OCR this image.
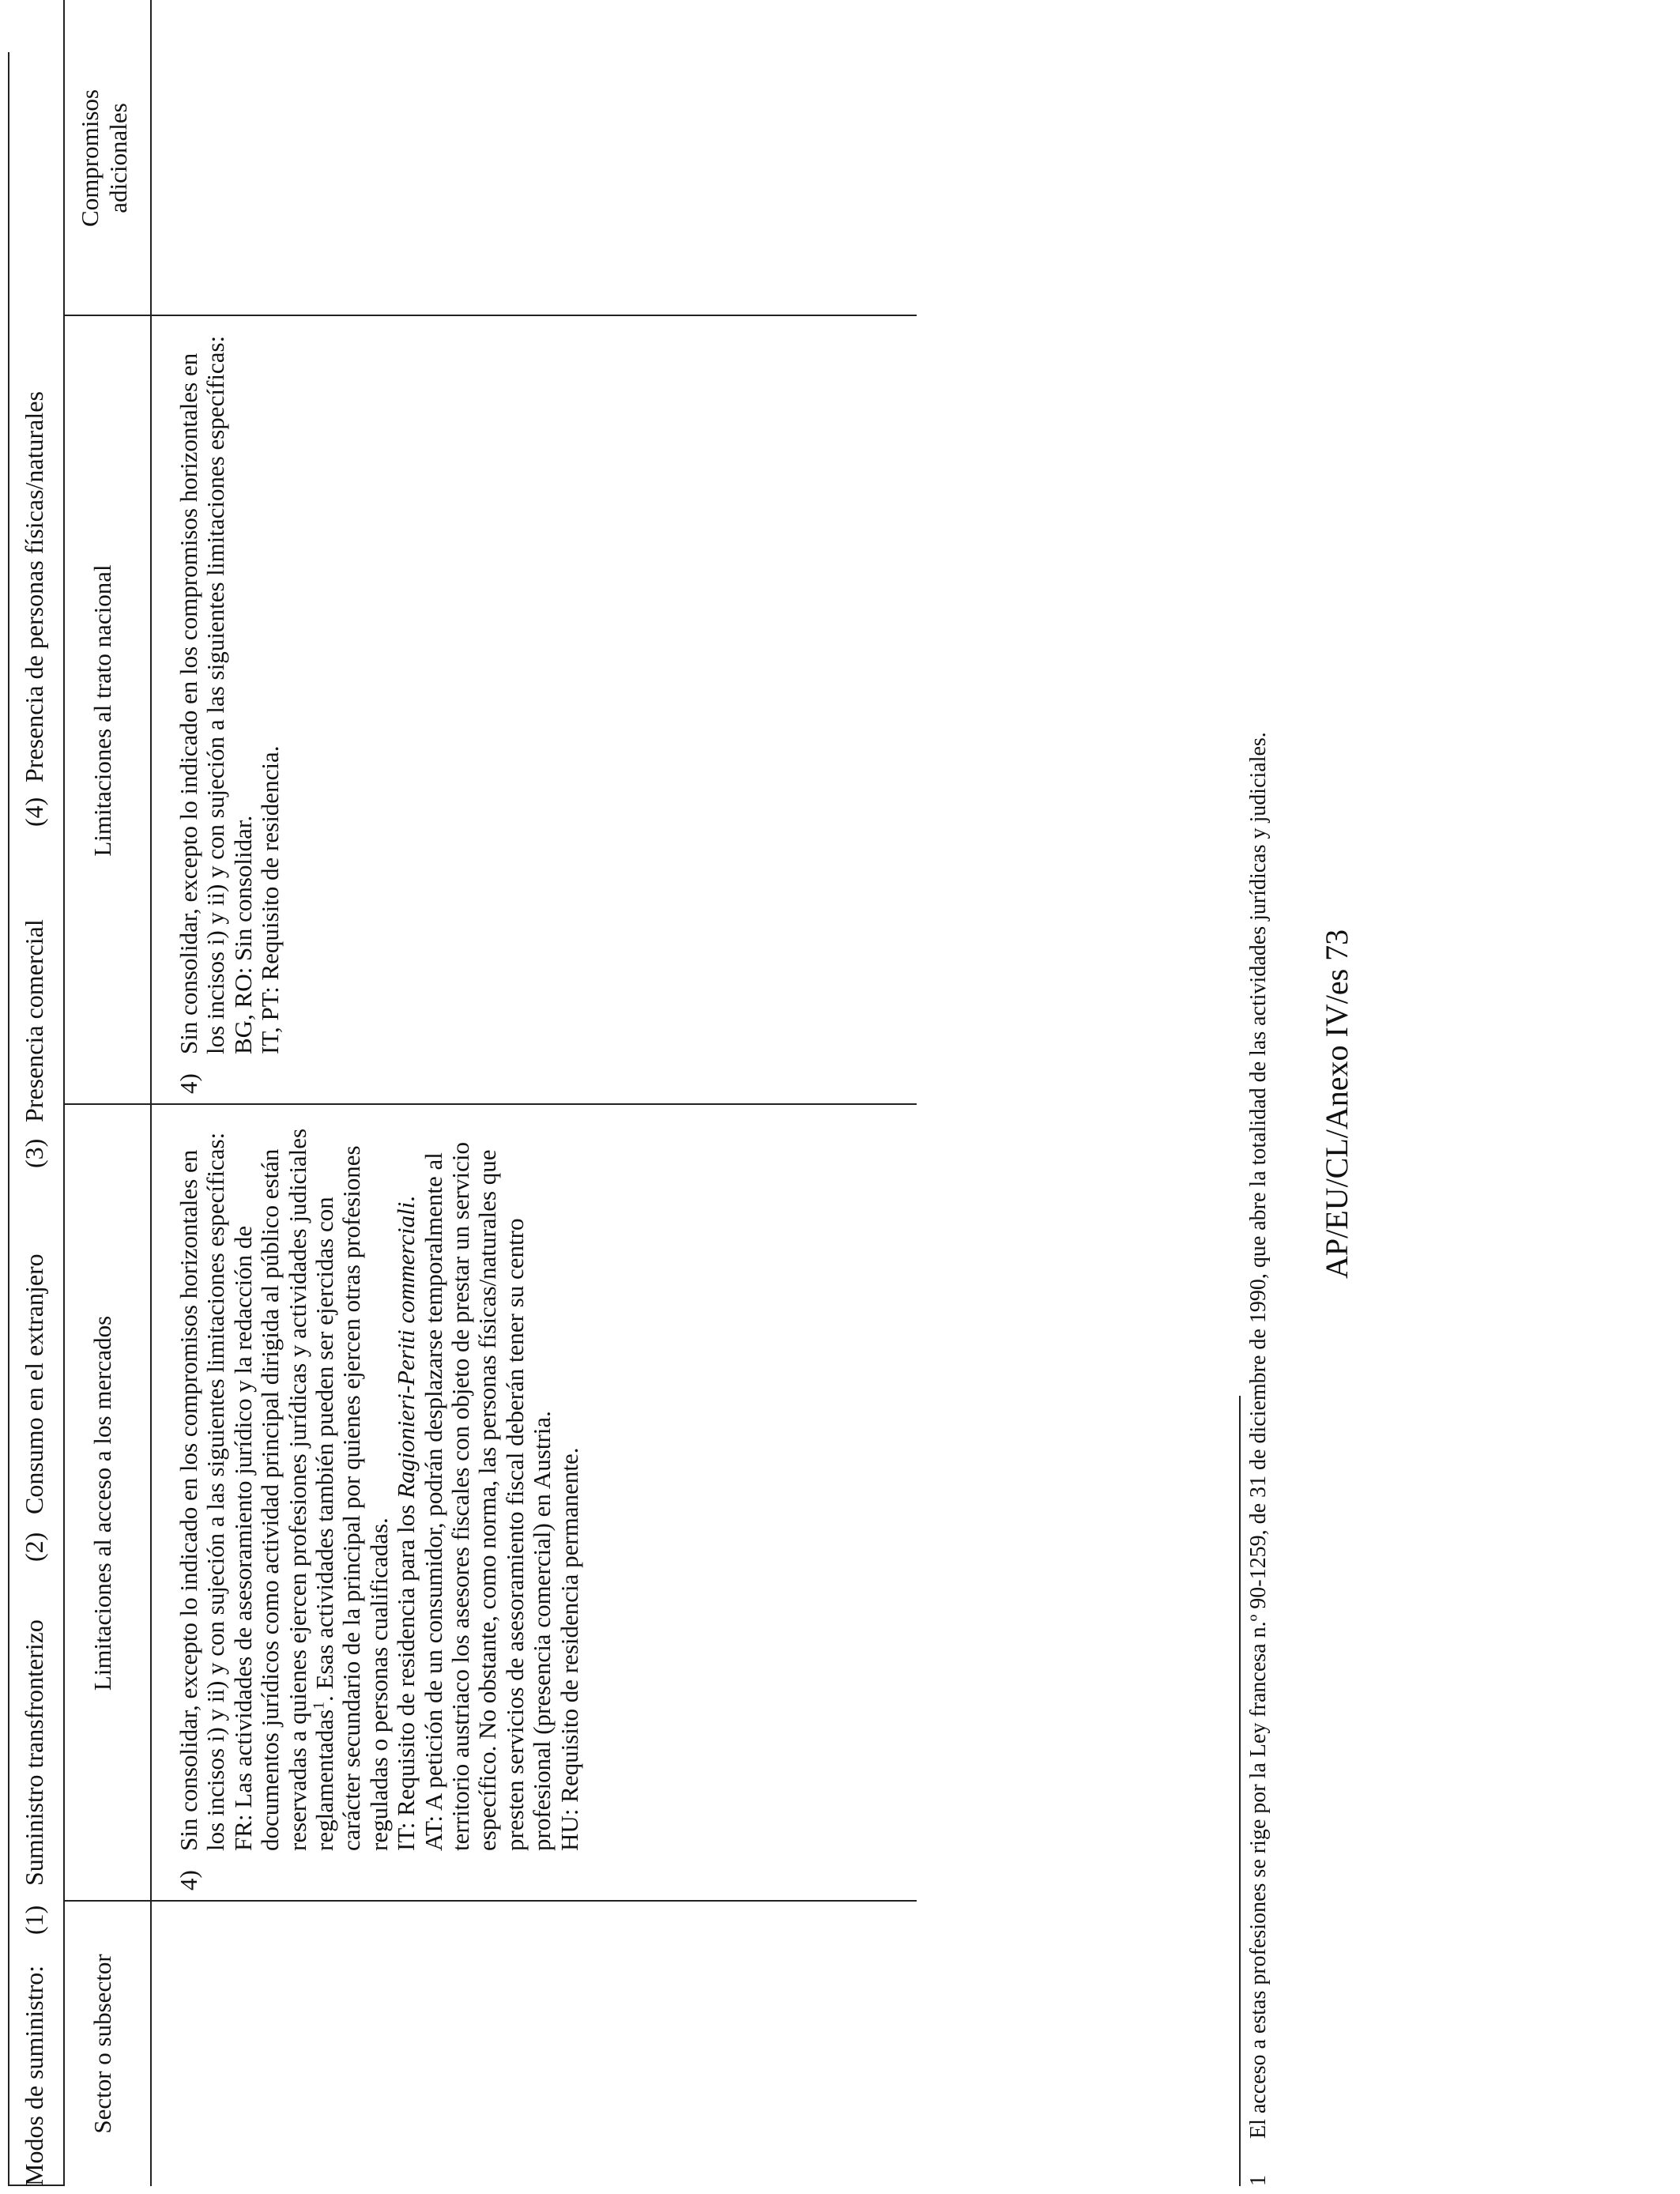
Modos de suministro:
(1)
Suministro transfronterizo
(2)
Consumo en el extranjero
(3)
Presencia comercial
(4)
Presencia de personas físicas/naturales
Sector o subsector
Limitaciones al acceso a los mercados
Limitaciones al trato nacional
Compromisos adicionales
4)

Sin consolidar, excepto lo indicado en los compromisos horizontales en los incisos i) y ii) y con sujeción a las siguientes limitaciones específicas: FR: Las actividades de asesoramiento jurídico y la redacción de documentos jurídicos como actividad principal dirigida al público están reservadas a quienes ejercen profesiones jurídicas y actividades judiciales reglamentadas$^1$. Esas actividades también pueden ser ejercidas con carácter secundario de la principal por quienes ejercen otras profesiones reguladas o personas cualificadas. IT: Requisito de residencia para los Ragionieri-Periti commerciali. AT: A petición de un consumidor, podrán desplazarse temporalmente al territorio austriaco los asesores fiscales con objeto de prestar un servicio específico. No obstante, como norma, las personas físicas/naturales que presten servicios de asesoramiento fiscal deberán tener su centro profesional (presencia comercial) en Austria. HU: Requisito de residencia permanente.

4)

Sin consolidar, excepto lo indicado en los compromisos horizontales en los incisos i) y ii) y con sujeción a las siguientes limitaciones específicas: BG, RO: Sin consolidar. IT, PT: Requisito de residencia.

1El acceso a estas profesiones se rige por la Ley francesa n.º 90-1259, de 31 de diciembre de 1990, que abre la totalidad de las actividades jurídicas y judiciales. AP/EU/CL/Anexo IV/es 73
